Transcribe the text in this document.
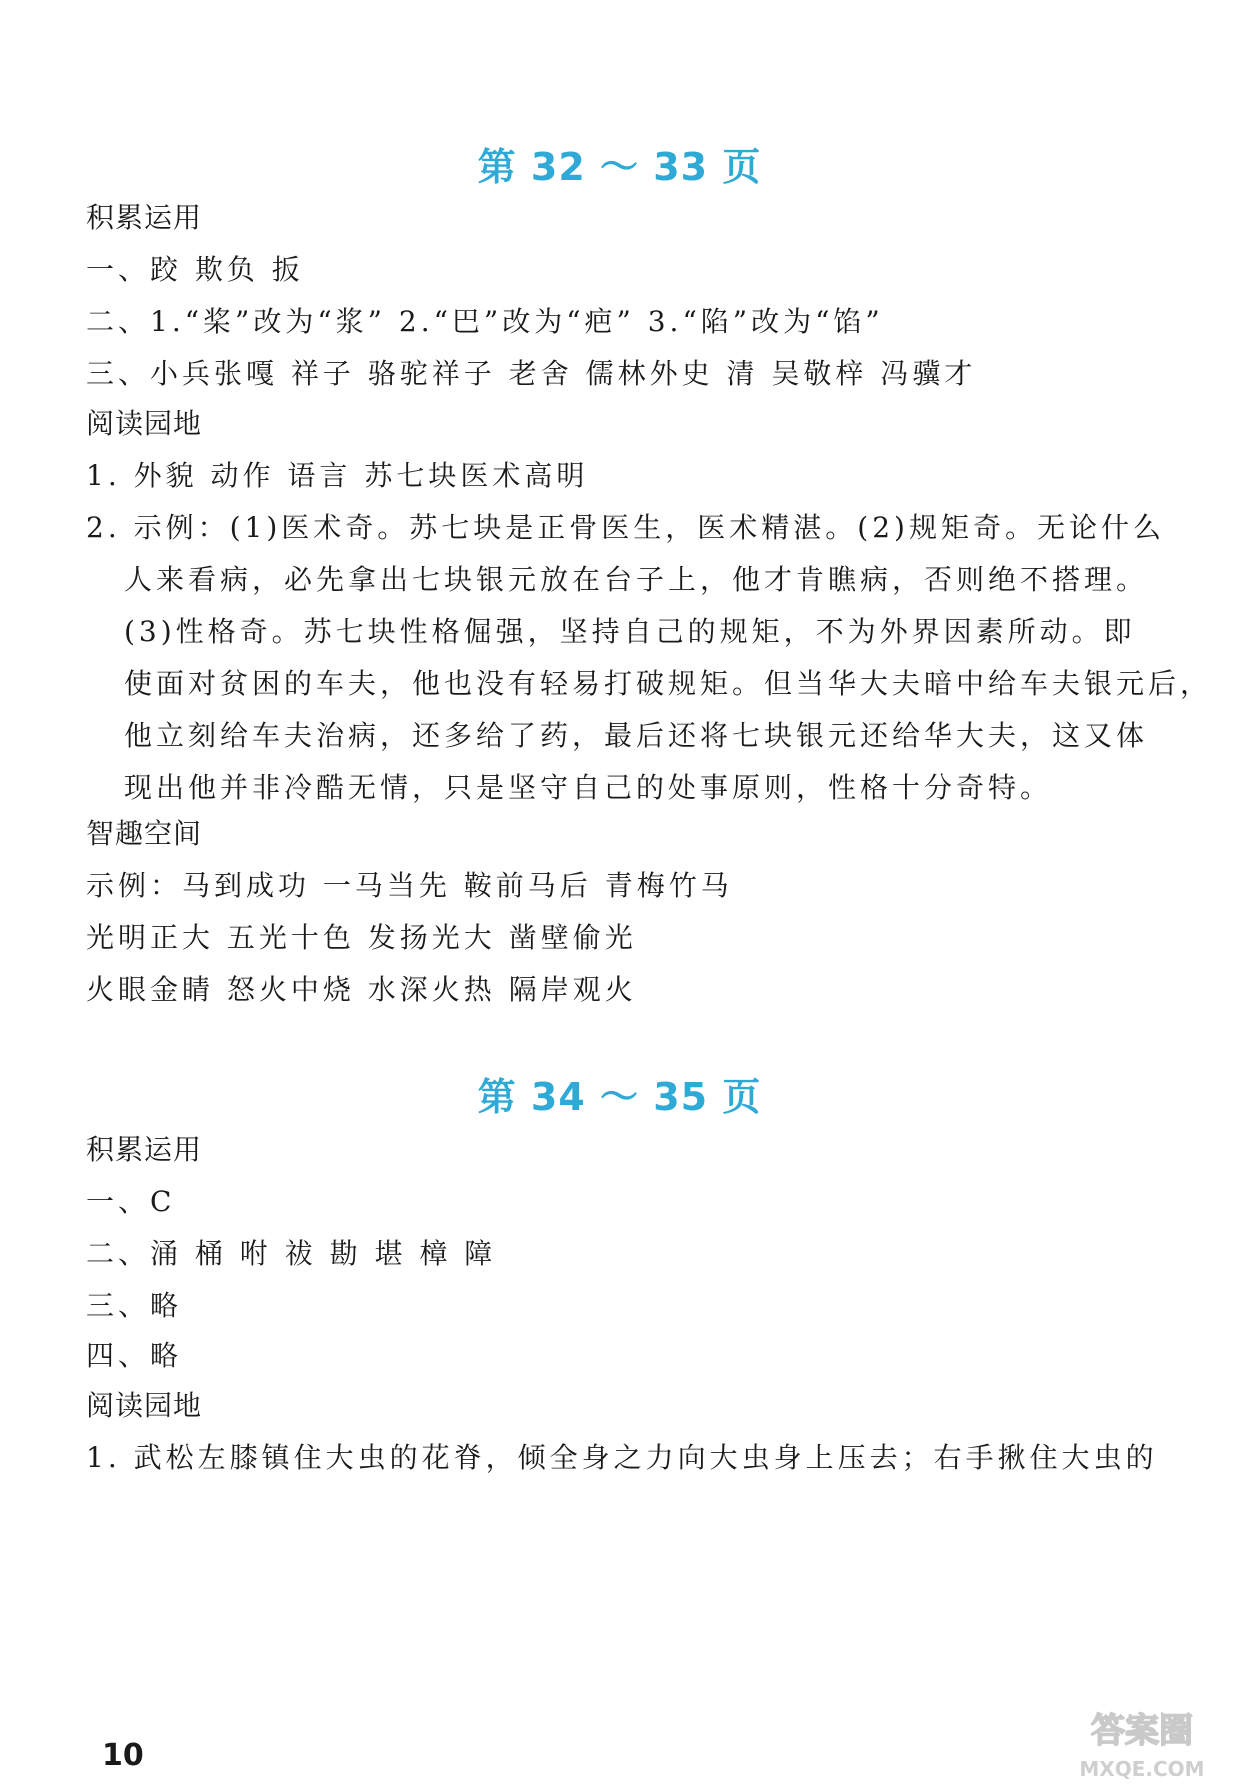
第 32 ～ 33 页
积累运用
一、跤 欺负 扳
二、1.“桨”改为“浆” 2.“巴”改为“疤” 3.“陷”改为“馅”
三、小兵张嘎 祥子 骆驼祥子 老舍 儒林外史 清 吴敬梓 冯骥才
阅读园地
1. 外貌 动作 语言 苏七块医术高明
2. 示例：(1)医术奇。苏七块是正骨医生，医术精湛。(2)规矩奇。无论什么
人来看病，必先拿出七块银元放在台子上，他才肯瞧病，否则绝不搭理。
(3)性格奇。苏七块性格倔强，坚持自己的规矩，不为外界因素所动。即
使面对贫困的车夫，他也没有轻易打破规矩。但当华大夫暗中给车夫银元后，
他立刻给车夫治病，还多给了药，最后还将七块银元还给华大夫，这又体
现出他并非冷酷无情，只是坚守自己的处事原则，性格十分奇特。
智趣空间
示例：马到成功 一马当先 鞍前马后 青梅竹马
光明正大 五光十色 发扬光大 凿壁偷光
火眼金睛 怒火中烧 水深火热 隔岸观火
第 34 ～ 35 页
积累运用
一、C
二、涌 桶 咐 祓 勘 堪 樟 障
三、略
四、略
阅读园地
1. 武松左膝镇住大虫的花脊，倾全身之力向大虫身上压去；右手揪住大虫的
10
答案圈
MXQE.COM
